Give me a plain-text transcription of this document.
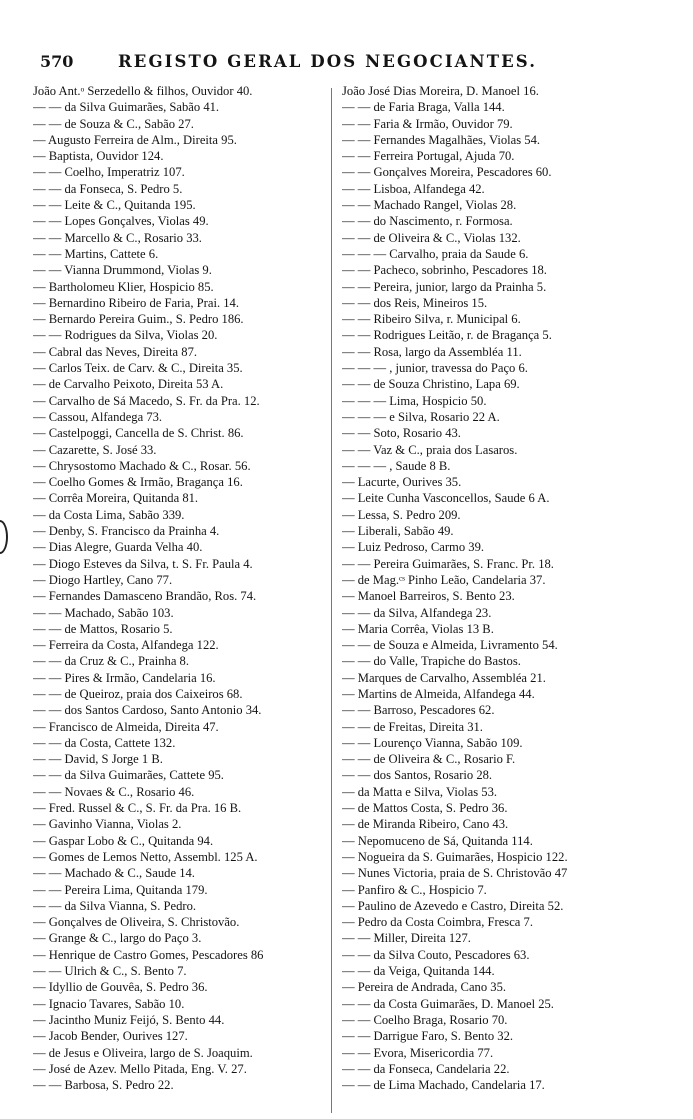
570	REGISTO GERAL DOS NEGOCIANTES.
João Ant.ᵒ Serzedello & filhos, Ouvidor 40.
— — da Silva Guimarães, Sabão 41.
— — de Souza & C., Sabão 27.
— Augusto Ferreira de Alm., Direita 95.
— Baptista, Ouvidor 124.
— — Coelho, Imperatriz 107.
— — da Fonseca, S. Pedro 5.
— — Leite & C., Quitanda 195.
— — Lopes Gonçalves, Violas 49.
— — Marcello & C., Rosario 33.
— — Martins, Cattete 6.
— — Vianna Drummond, Violas 9.
— Bartholomeu Klier, Hospicio 85.
— Bernardino Ribeiro de Faria, Prai. 14.
— Bernardo Pereira Guim., S. Pedro 186.
— — Rodrigues da Silva, Violas 20.
— Cabral das Neves, Direita 87.
— Carlos Teix. de Carv. & C., Direita 35.
— de Carvalho Peixoto, Direita 53 A.
— Carvalho de Sá Macedo, S. Fr. da Pra. 12.
— Cassou, Alfandega 73.
— Castelpoggi, Cancella de S. Christ. 86.
— Cazarette, S. José 33.
— Chrysostomo Machado & C., Rosar. 56.
— Coelho Gomes & Irmão, Bragança 16.
— Corrêa Moreira, Quitanda 81.
— da Costa Lima, Sabão 339.
— Denby, S. Francisco da Prainha 4.
— Dias Alegre, Guarda Velha 40.
— Diogo Esteves da Silva, t. S. Fr. Paula 4.
— Diogo Hartley, Cano 77.
— Fernandes Damasceno Brandão, Ros. 74.
— — Machado, Sabão 103.
— — de Mattos, Rosario 5.
— Ferreira da Costa, Alfandega 122.
— — da Cruz & C., Prainha 8.
— — Pires & Irmão, Candelaria 16.
— — de Queiroz, praia dos Caixeiros 68.
— — dos Santos Cardoso, Santo Antonio 34.
— Francisco de Almeida, Direita 47.
— — da Costa, Cattete 132.
— — David, S Jorge 1 B.
— — da Silva Guimarães, Cattete 95.
— — Novaes & C., Rosario 46.
— Fred. Russel & C., S. Fr. da Pra. 16 B.
— Gavinho Vianna, Violas 2.
— Gaspar Lobo & C., Quitanda 94.
— Gomes de Lemos Netto, Assembl. 125 A.
— — Machado & C., Saude 14.
— — Pereira Lima, Quitanda 179.
— — da Silva Vianna, S. Pedro.
— Gonçalves de Oliveira, S. Christovão.
— Grange & C., largo do Paço 3.
— Henrique de Castro Gomes, Pescadores 86
— — Ulrich & C., S. Bento 7.
— Idyllio de Gouvêa, S. Pedro 36.
— Ignacio Tavares, Sabão 10.
— Jacintho Muniz Feijó, S. Bento 44.
— Jacob Bender, Ourives 127.
— de Jesus e Oliveira, largo de S. Joaquim.
— José de Azev. Mello Pitada, Eng. V. 27.
— — Barbosa, S. Pedro 22.
João José Dias Moreira, D. Manoel 16.
— — de Faria Braga, Valla 144.
— — Faria & Irmão, Ouvidor 79.
— — Fernandes Magalhães, Violas 54.
— — Ferreira Portugal, Ajuda 70.
— — Gonçalves Moreira, Pescadores 60.
— — Lisboa, Alfandega 42.
— — Machado Rangel, Violas 28.
— — do Nascimento, r. Formosa.
— — de Oliveira & C., Violas 132.
— — — Carvalho, praia da Saude 6.
— — Pacheco, sobrinho, Pescadores 18.
— — Pereira, junior, largo da Prainha 5.
— — dos Reis, Mineiros 15.
— — Ribeiro Silva, r. Municipal 6.
— — Rodrigues Leitão, r. de Bragança 5.
— — Rosa, largo da Assembléa 11.
— — — , junior, travessa do Paço 6.
— — de Souza Christino, Lapa 69.
— — — Lima, Hospicio 50.
— — — e Silva, Rosario 22 A.
— — Soto, Rosario 43.
— — Vaz & C., praia dos Lasaros.
— — — , Saude 8 B.
— Lacurte, Ourives 35.
— Leite Cunha Vasconcellos, Saude 6 A.
— Lessa, S. Pedro 209.
— Liberali, Sabão 49.
— Luiz Pedroso, Carmo 39.
— — Pereira Guimarães, S. Franc. Pr. 18.
— de Mag.ᶜˢ Pinho Leão, Candelaria 37.
— Manoel Barreiros, S. Bento 23.
— — da Silva, Alfandega 23.
— Maria Corrêa, Violas 13 B.
— — de Souza e Almeida, Livramento 54.
— — do Valle, Trapiche do Bastos.
— Marques de Carvalho, Assembléa 21.
— Martins de Almeida, Alfandega 44.
— — Barroso, Pescadores 62.
— — de Freitas, Direita 31.
— — Lourenço Vianna, Sabão 109.
— — de Oliveira & C., Rosario F.
— — dos Santos, Rosario 28.
— da Matta e Silva, Violas 53.
— de Mattos Costa, S. Pedro 36.
— de Miranda Ribeiro, Cano 43.
— Nepomuceno de Sá, Quitanda 114.
— Nogueira da S. Guimarães, Hospicio 122.
— Nunes Victoria, praia de S. Christovão 47
— Panfiro & C., Hospicio 7.
— Paulino de Azevedo e Castro, Direita 52.
— Pedro da Costa Coimbra, Fresca 7.
— — Miller, Direita 127.
— — da Silva Couto, Pescadores 63.
— — da Veiga, Quitanda 144.
— Pereira de Andrada, Cano 35.
— — da Costa Guimarães, D. Manoel 25.
— — Coelho Braga, Rosario 70.
— — Darrigue Faro, S. Bento 32.
— — Evora, Misericordia 77.
— — da Fonseca, Candelaria 22.
— — de Lima Machado, Candelaria 17.
